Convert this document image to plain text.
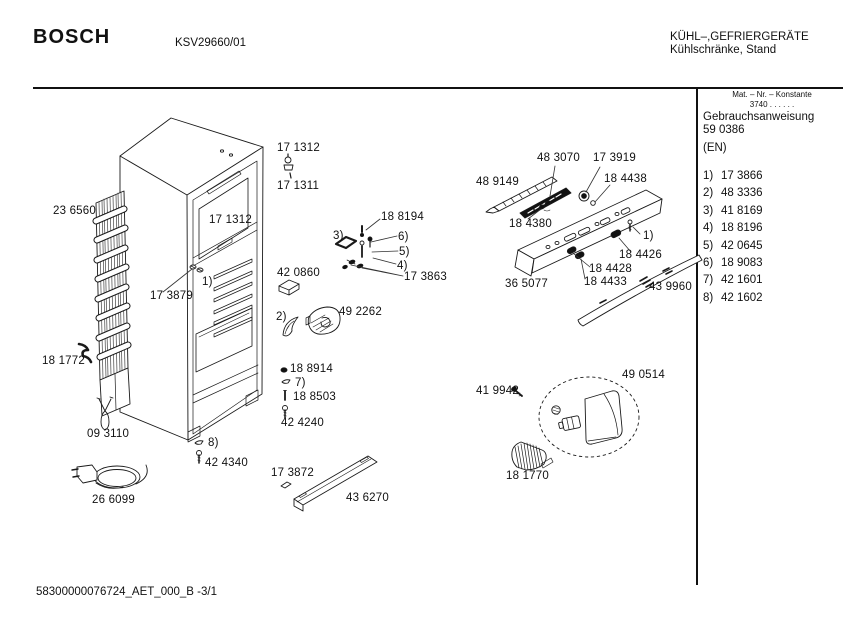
BOSCH	KSV29660/01	KÜHL–,GEFRIERGERÄTE
Kühlschränke, Stand
Mat. – Nr. – Konstante
3740 . . . . . .
Gebrauchsanweisung
59 0386
(EN)
1) 17 3866
2) 48 3336
3) 41 8169
4) 18 8196
5) 42 0645
6) 18 9083
7) 42 1601
8) 42 1602
23 6560
17 1312
17 1311
17 1312	18 8194
3)	6)
5)
4)
17 3863
42 0860
1)
17 3879
2)	49 2262
18 8914
7)
18 8503
42 4240
18 1772
09 3110
8)
42 4340
26 6099
17 3872
43 6270
48 9149
48 3070 17 3919
18 4438
18 4380
36 5077
1)
18 4426
18 4428
18 4433 43 9960
41 9942
49 0514
18 1770
58300000076724_AET_000_B -3/1
